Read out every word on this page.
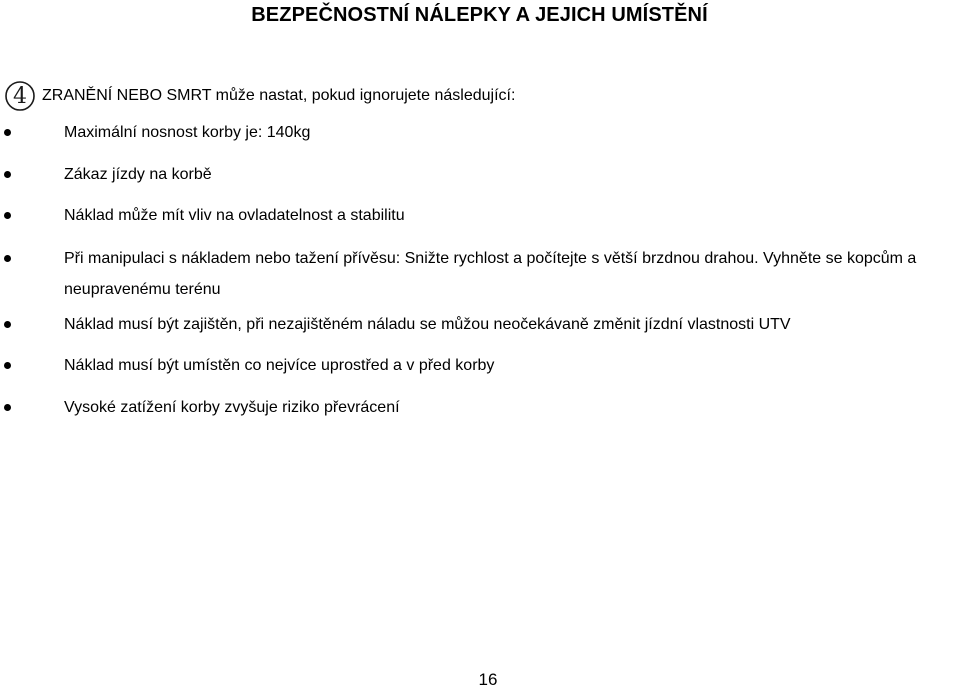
BEZPEČNOSTNÍ NÁLEPKY A JEJICH UMÍSTĚNÍ
4 ZRANĚNÍ NEBO SMRT může nastat, pokud ignorujete následující:
Maximální nosnost korby je: 140kg
Zákaz jízdy na korbě
Náklad může mít vliv na ovladatelnost a stabilitu
Při manipulaci s nákladem nebo tažení přívěsu: Snižte rychlost a počítejte s větší brzdnou drahou. Vyhněte se kopcům a neupravenému terénu
Náklad musí být zajištěn, při nezajištěném náladu se můžou neočekávaně změnit jízdní vlastnosti UTV
Náklad musí být umístěn co nejvíce uprostřed a v před korby
Vysoké zatížení korby zvyšuje riziko převrácení
16
